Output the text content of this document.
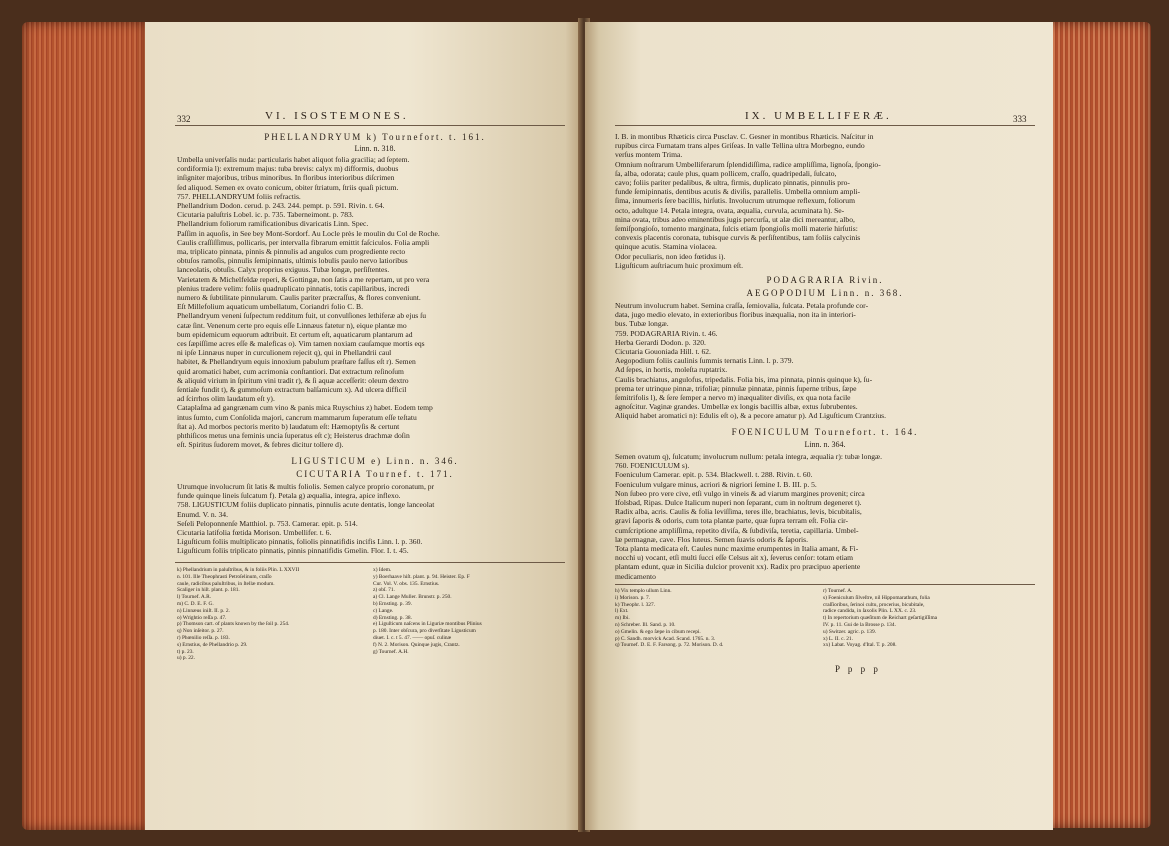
332	VI. ISOSTEMONES.
PHELLANDRYUM k) Tournefort. t. 161.
Linn. n. 318.
Umbella univerſalis nuda: particularis habet aliquot folia gracilia; ad ſeptem.
cordiformia l): extremum majus: tuba brevis: calyx m) difformis, duobus
inſigniter majoribus, tribus minoribus. In floribus interioribus diſcrimen
ſed aliquod. Semen ex ovato conicum, obiter ſtriatum, ſtriis quaſi pictum.
757. PHELLANDRYUM foliis refractis.
Phellandrium Dodon. cerud. p. 243. 244. pempt. p. 591. Rivin. t. 64.
Cicutaria paluſtris Lobel. ic. p. 735. Taberneimont. p. 783.
Phellandrium foliorum ramificationibus divaricatis Linn. Spec.
Paſſim in aquoſis, in See bey Mont-Sordorf. Au Locle près le moulin du Col de Roche.
Caulis craſſiſſimus, pollicaris, per intervalla fibrarum emittit faſciculos. Folia ampli
ma, triplicato pinnata, pinnis & pinnulis ad angulos cum progrediente recto
obtuſos ramoſis, pinnulis ſemipinnatis, ultimis lobulis paulo nervo latioribus
lanceolatis, obtuſis. Calyx proprius exiguus. Tubæ longæ, perſiſtentes.
Varietatem & Michelfeldæ reperi, & Gottingæ, non ſatis a me repertam, ut pro vera
plenius tradere velim: foliis quadruplicato pinnatis, totis capillaribus, incredi
numero & ſubtilitate pinnularum. Caulis pariter præcraſſus, & flores conveniunt.
Eſt Millefolium aquaticum umbellatum, Coriandri folio C. B.
Phellandryum veneni ſuſpectum redditum fuit, ut convulſiones lethiferæ ab ejus ſu
catæ ſint. Venenum certe pro equis eſſe Linnæus fatetur n), eique plantæ mo
bum epidemicum equorum adtribuit. Et certum eſt, aquaticarum plantarum ad
ces ſæpiſſime acres eſſe & maleficas o). Vim tamen noxiam cauſamque mortis eqs
ni ipſe Linnæus nuper in curculionem rejecit q), qui in Phellandrii caul
habitet, & Phellandryum equis innoxium pabulum præſtare faſſus eſt r). Semen
quid aromatici habet, cum acrimonia conſtantiori. Dat extractum reſinoſum
& aliquid virium in ſpiritum vini tradit r), & ſi aquæ acceſſerit: oleum dextro
ſentiale fundit t), & gummoſum extractum balſamicum x). Ad ulcera difficil
ad ſcirrhos olim laudatum eſt y).
Cataplaſma ad gangrænam cum vino & panis mica Ruyschius z) habet. Eodem temp
intus ſumto, cum Conſolida majori, cancrum mammarum ſuperatum eſſe teſtatu
ſtat a). Ad morbos pectoris merito b) laudatum eſt: Hæmoptyſis & certunt
phthiſicos metus una feminis uncia ſuperatus eſt c); Heisterus drachmæ doſin
eſt. Spiritus ſudorem movet, & febres dicitur tollere d).
LIGUSTICUM e) Linn. n. 346.
CICUTARIA Tournef. t. 171.
Utrumque involucrum ſit latis & multis foliolis. Semen calyce proprio coronatum, pr
funde quinque lineis ſulcatum f). Petala g) æqualia, integra, apice inflexo.
758. LIGUSTICUM foliis duplicato pinnatis, pinnulis acute dentatis, longe lanceolat
Enumd. V. n. 34.
Seſeli Peloponnenſe Matthiol. p. 753. Camerar. epit. p. 514.
Cicutaria latifolia fœtida Morison. Umbellifer. t. 6.
Liguſticum foliis multiplicato pinnatis, foliolis pinnatifidis incifis Linn. l. p. 360.
Liguſticum foliis triplicato pinnatis, pinnis pinnatifidis Gmelin. Flor. I. t. 45.
k) Phellandrium in paluſtribus, & in foliis Plin. L XXVII
n. 101. Ille Theophrasti Petroſelinum, craſſo
caule, radicibus paluſtribus, in ſtellæ modum.
Scaliger in hiſt. plant. p. 181.
l) Tournef. A.R.
m) C. D. E. F. G.
n) Linnæus iniſt. II. p. 2.
o) Wrightio reſſa p. 47.
p) Thomson cart. of plants known by the ſoil p. 254.
q) Non inſeitor. p. 27.
r) Phœnilio reſſa. p. 183.
s) Ernstius, de Phellandrio p. 29.
t) p. 23.
u) p. 22.
x) Idem.
y) Boerhaave hiſt. plant. p. 94. Heister. Ep. F
Cur. Vol. V. obs. 135. Ernstius.
z) obſ. 71.
a) Cl. Lange Muller. Brunstr. p. 250.
b) Ernsting. p. 39.
c) Lange.
d) Ernsting. p. 38.
e) Liguſticum naſcens in Liguriæ montibus Plinius
p. 180. Inter obſcura, pro diverſitate Ligusticum
diuet. I. c. t 5. 47. —— opuſ. culinæ
f) N. 2. Morison. Quinque jugis, Crantz.
g) Tournef. A.H.
IX. UMBELLIFERÆ.	333
I. B. in montibus Rhæticis circa Pusclav. C. Gesner in montibus Rhæticis. Naſcitur in
rupibus circa Furnatam trans alpes Griſeas. In valle Tellina ultra Morbegno, eundo
verſus montem Trima.
Omnium noſtrarum Umbelliferarum ſplendidiſſima, radice ampliſſima, lignoſa, ſpongio-
ſa, alba, odorata; caule plus, quam pollicem, craſſo, quadripedali, ſulcato,
cavo; foliis pariter pedalibus, & ultra, firmis, duplicato pinnatis, pinnulis pro-
funde ſemipinnatis, dentibus acutis & diviſis, parallelis. Umbella omnium ampli-
ſima, innumeris ſere bacillis, hirſutis. Involucrum utrumque reflexum, foliorum
octo, adultque 14. Petala integra, ovata, æqualia, curvula, acuminata h). Se-
mina ovata, tribus adeo eminentibus jugis percurſa, ut alæ dici mereantur, albo,
ſemiſpongioſo, tomento marginata, ſulcis etiam ſpongioſis molli materie hirſutis:
convexis placentis coronata, tubisque curvis & perſiſtentibus, tam foliis calycinis
quinque acutis. Stamina violacea.
Odor peculiaris, non ideo fœtidus i).
Liguſticum auſtriacum huic proximum eſt.
PODAGRARIA Rivin.
AEGOPODIUM Linn. n. 368.
Neutrum involucrum habet. Semina craſſa, ſemiovalia, ſulcata. Petala profunde cor-
data, jugo medio elevato, in exterioribus floribus inæqualia, non ita in interiori-
bus. Tubæ longæ.
759. PODAGRARIA Rivin. t. 46.
Herba Gerardi Dodon. p. 320.
Cicutaria Gouoniada Hill. t. 62.
Aegopodium foliis caulinis ſummis ternatis Linn. l. p. 379.
Ad ſepes, in hortis, moleſta ruptatrix.
Caulis brachiatus, angulofus, tripedalis. Folia bis, ima pinnata, pinnis quinque k), ſu-
prema ter utrinque pinnæ, trifoliæ; pinnulæ pinnatæ, pinnis ſuperne tribus, ſæpe
ſemitrifolis l), & ſere ſemper a nervo m) inæqualiter diviſis, ex qua nota facile
agnoſcitur. Vaginæ grandes. Umbellæ ex longis bacillis albæ, extus ſubrubentes.
Aliquid habet aromatici n): Edulis eſt o), & a pecore amatur p). Ad Liguſticum Crantzius.
FOENICULUM Tournefort. t. 164.
Linn. n. 364.
Semen ovatum q), ſulcatum; involucrum nullum: petala integra, æqualia r): tubæ longæ.
760. FOENICULUM s).
Foeniculum Camerar. epit. p. 534. Blackwell. t. 288. Rivin. t. 60.
Foeniculum vulgare minus, acriori & nigriori ſemine I. B. III. p. 5.
Non ſubeo pro vere cive, etſi vulgo in vineis & ad viarum margines provenit; circa
Ifolsbad, Ripas. Dulce Italicum nuperi non ſeparant, cum in noſtrum degeneret t).
Radix alba, acris. Caulis & folia leviſſima, teres ille, brachiatus, levis, bicubitalis,
gravi ſaporis & odoris, cum tota plantæ parte, quæ ſupra terram eſt. Folia cir-
cumſcriptione ampliſſima, repetito diviſa, & ſubdiviſa, teretia, capillaria. Umbel-
læ permagnæ, cave. Flos luteus. Semen ſuavis odoris & ſaporis.
Tota planta medicata eſt. Caules nunc maxime erumpentes in Italia amant, & Fi-
nocchi u) vocant, etſi multi ſucci eſſe Celsus ait x), ſeverus cenſor: totam etiam
plantam edunt, quæ in Sicilia dulcior provenit xx). Radix pro præcipuo aperiente
medicamento
h) Vix templo ullum Linn.
i) Morison. p. 7.
k) Theophr. l. 327.
l) Ext.
m) Ibi.
n) Schreber. Ill. Sand. p. 10.
o) Gmelin. & ego ſæpe in cibum recepi.
p) C. Sandh. morvick Acad. Scand. 1765. n. 3.
q) Tournef. D. E. F. Farsong. p. 72. Morison. D. d.
r) Tournef. A.
s) Foeniculum ſilveſtre, nil Hippomarathum, folia
craſſioribus, ſerinoi cultu, procerius, bicubitale,
radice candida, in ſaxolis Plin. L XX. c. 23.
t) In repertorium quæſitum de Reichart geſartigiſſima
IV. p. 11. Gui de la Brosse p. 134.
u) Switzer. agric. p. 139.
x) L. II. c. 21.
xx) Labat. Voyag. d'Ital. T. p. 208.
P p p p
